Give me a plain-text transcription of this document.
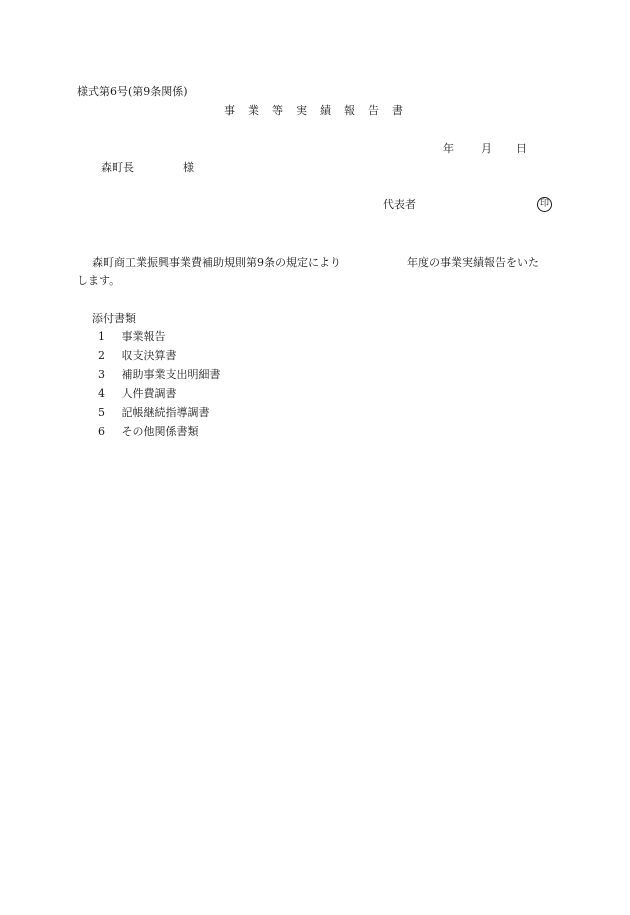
様式第6号(第9条関係)
事　業　等　実　績　報　告　書
年 月 日
森町長	様
代表者	印
森町商工業振興事業費補助規則第9条の規定により	年度の事業実績報告をいた
します。
添付書類
1 事業報告
2 収支決算書
3 補助事業支出明細書
4 人件費調書
5 記帳継続指導調書
6 その他関係書類
